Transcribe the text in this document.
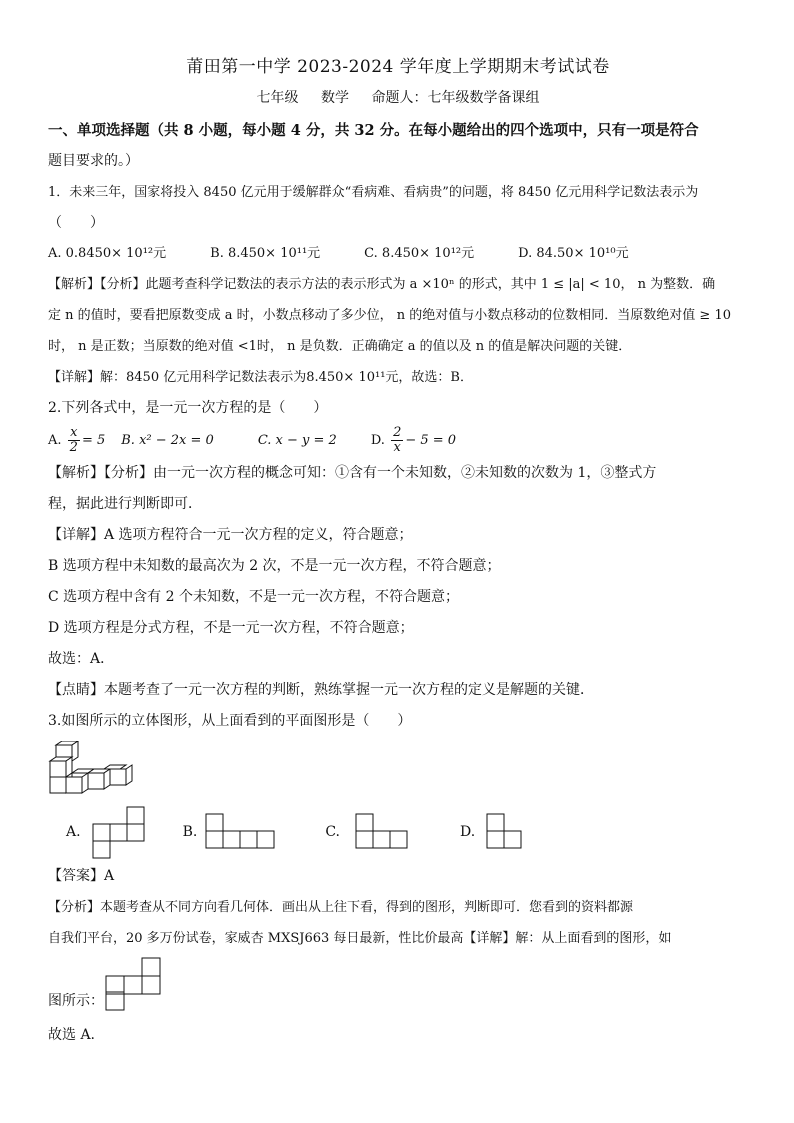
莆田第一中学 2023-2024 学年度上学期期末考试试卷
七年级 数学 命题人：七年级数学备课组
一、单项选择题（共 8 小题，每小题 4 分，共 32 分。在每小题给出的四个选项中，只有一项是符合
题目要求的。）
1．未来三年，国家将投入 8450 亿元用于缓解群众“看病难、看病贵”的问题，将 8450 亿元用科学记数法表示为
（　　）
A. 0.8450× 10¹²元	B. 8.450× 10¹¹元	C. 8.450× 10¹²元	D. 84.50× 10¹⁰元
【解析】【分析】此题考查科学记数法的表示方法的表示形式为 a ×10ⁿ 的形式，其中 1 ≤ |a| < 10， n 为整数．确
定 n 的值时，要看把原数变成 a 时，小数点移动了多少位， n 的绝对值与小数点移动的位数相同．当原数绝对值 ≥ 10
时， n 是正数；当原数的绝对值 <1时， n 是负数．正确确定 a 的值以及 n 的值是解决问题的关键．
【详解】解：8450 亿元用科学记数法表示为8.450× 10¹¹元，故选：B．
2.下列各式中，是一元一次方程的是（　　）
A. $\frac{x}{2} = 5$ B. x² − 2x = 0	C. x − y = 2	D. $\frac{2}{x} - 5 = 0$
【解析】【分析】由一元一次方程的概念可知：①含有一个未知数，②未知数的次数为 1，③整式方
程，据此进行判断即可．
【详解】A 选项方程符合一元一次方程的定义，符合题意；
B 选项方程中未知数的最高次为 2 次，不是一元一次方程，不符合题意；
C 选项方程中含有 2 个未知数，不是一元一次方程，不符合题意；
D 选项方程是分式方程，不是一元一次方程，不符合题意；
故选：A．
【点睛】本题考查了一元一次方程的判断，熟练掌握一元一次方程的定义是解题的关键．
3.如图所示的立体图形，从上面看到的平面图形是（　　）
A.	B.	C.	D.
【答案】A
【分析】本题考查从不同方向看几何体．画出从上往下看，得到的图形，判断即可．您看到的资料都源
自我们平台，20 多万份试卷，家威杏 MXSJ663 每日最新，性比价最高【详解】解：从上面看到的图形，如
图所示：
故选 A.
